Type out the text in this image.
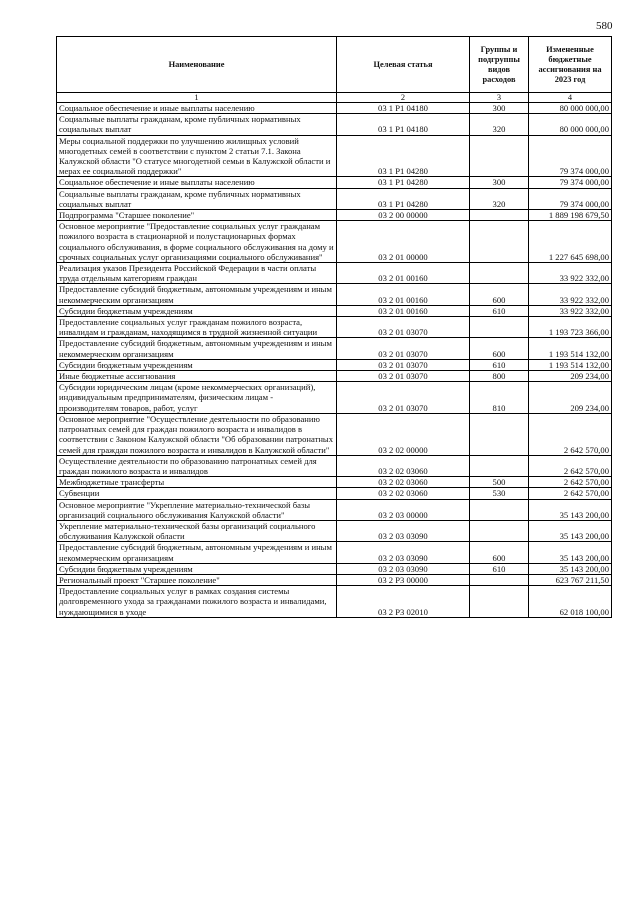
580
Наименование	Целевая статья	Группы и подгруппы видов расходов	Измененные бюджетные ассигнования на 2023 год
1	2	3	4
Социальное обеспечение и иные выплаты населению	03 1 P1 04180	300	80 000 000,00
Социальные выплаты гражданам, кроме публичных нормативных социальных выплат	03 1 P1 04180	320	80 000 000,00
Меры социальной поддержки по улучшению жилищных условий многодетных семей в соответствии с пунктом 2 статьи 7.1. Закона Калужской области "О статусе многодетной семьи в Калужской области и мерах ее социальной поддержки"	03 1 P1 04280		79 374 000,00
Социальное обеспечение и иные выплаты населению	03 1 P1 04280	300	79 374 000,00
Социальные выплаты гражданам, кроме публичных нормативных социальных выплат	03 1 P1 04280	320	79 374 000,00
Подпрограмма "Старшее поколение"	03 2 00 00000		1 889 198 679,50
Основное мероприятие "Предоставление социальных услуг гражданам пожилого возраста в стационарной и полустационарных формах социального обслуживания, в форме социального обслуживания на дому и срочных социальных услуг организациями социального обслуживания"	03 2 01 00000		1 227 645 698,00
Реализация указов Президента Российской Федерации в части оплаты труда отдельным категориям граждан	03 2 01 00160		33 922 332,00
Предоставление субсидий бюджетным, автономным учреждениям и иным некоммерческим организациям	03 2 01 00160	600	33 922 332,00
Субсидии бюджетным учреждениям	03 2 01 00160	610	33 922 332,00
Предоставление социальных услуг гражданам пожилого возраста, инвалидам и гражданам, находящимся в трудной жизненной ситуации	03 2 01 03070		1 193 723 366,00
Предоставление субсидий бюджетным, автономным учреждениям и иным некоммерческим организациям	03 2 01 03070	600	1 193 514 132,00
Субсидии бюджетным учреждениям	03 2 01 03070	610	1 193 514 132,00
Иные бюджетные ассигнования	03 2 01 03070	800	209 234,00
Субсидии юридическим лицам (кроме некоммерческих организаций), индивидуальным предпринимателям, физическим лицам - производителям товаров, работ, услуг	03 2 01 03070	810	209 234,00
Основное мероприятие "Осуществление деятельности по образованию патронатных семей для граждан пожилого возраста и инвалидов в соответствии с Законом Калужской области "Об образовании патронатных семей для граждан пожилого возраста и инвалидов в Калужской области"	03 2 02 00000		2 642 570,00
Осуществление деятельности по образованию патронатных семей для граждан пожилого возраста и инвалидов	03 2 02 03060		2 642 570,00
Межбюджетные трансферты	03 2 02 03060	500	2 642 570,00
Субвенции	03 2 02 03060	530	2 642 570,00
Основное мероприятие "Укрепление материально-технической базы организаций социального обслуживания Калужской области"	03 2 03 00000		35 143 200,00
Укрепление материально-технической базы организаций социального обслуживания Калужской области	03 2 03 03090		35 143 200,00
Предоставление субсидий бюджетным, автономным учреждениям и иным некоммерческим организациям	03 2 03 03090	600	35 143 200,00
Субсидии бюджетным учреждениям	03 2 03 03090	610	35 143 200,00
Региональный проект "Старшее поколение"	03 2 P3 00000		623 767 211,50
Предоставление социальных услуг в рамках создания системы долговременного ухода за гражданами пожилого возраста и инвалидами, нуждающимися в уходе	03 2 P3 02010		62 018 100,00
